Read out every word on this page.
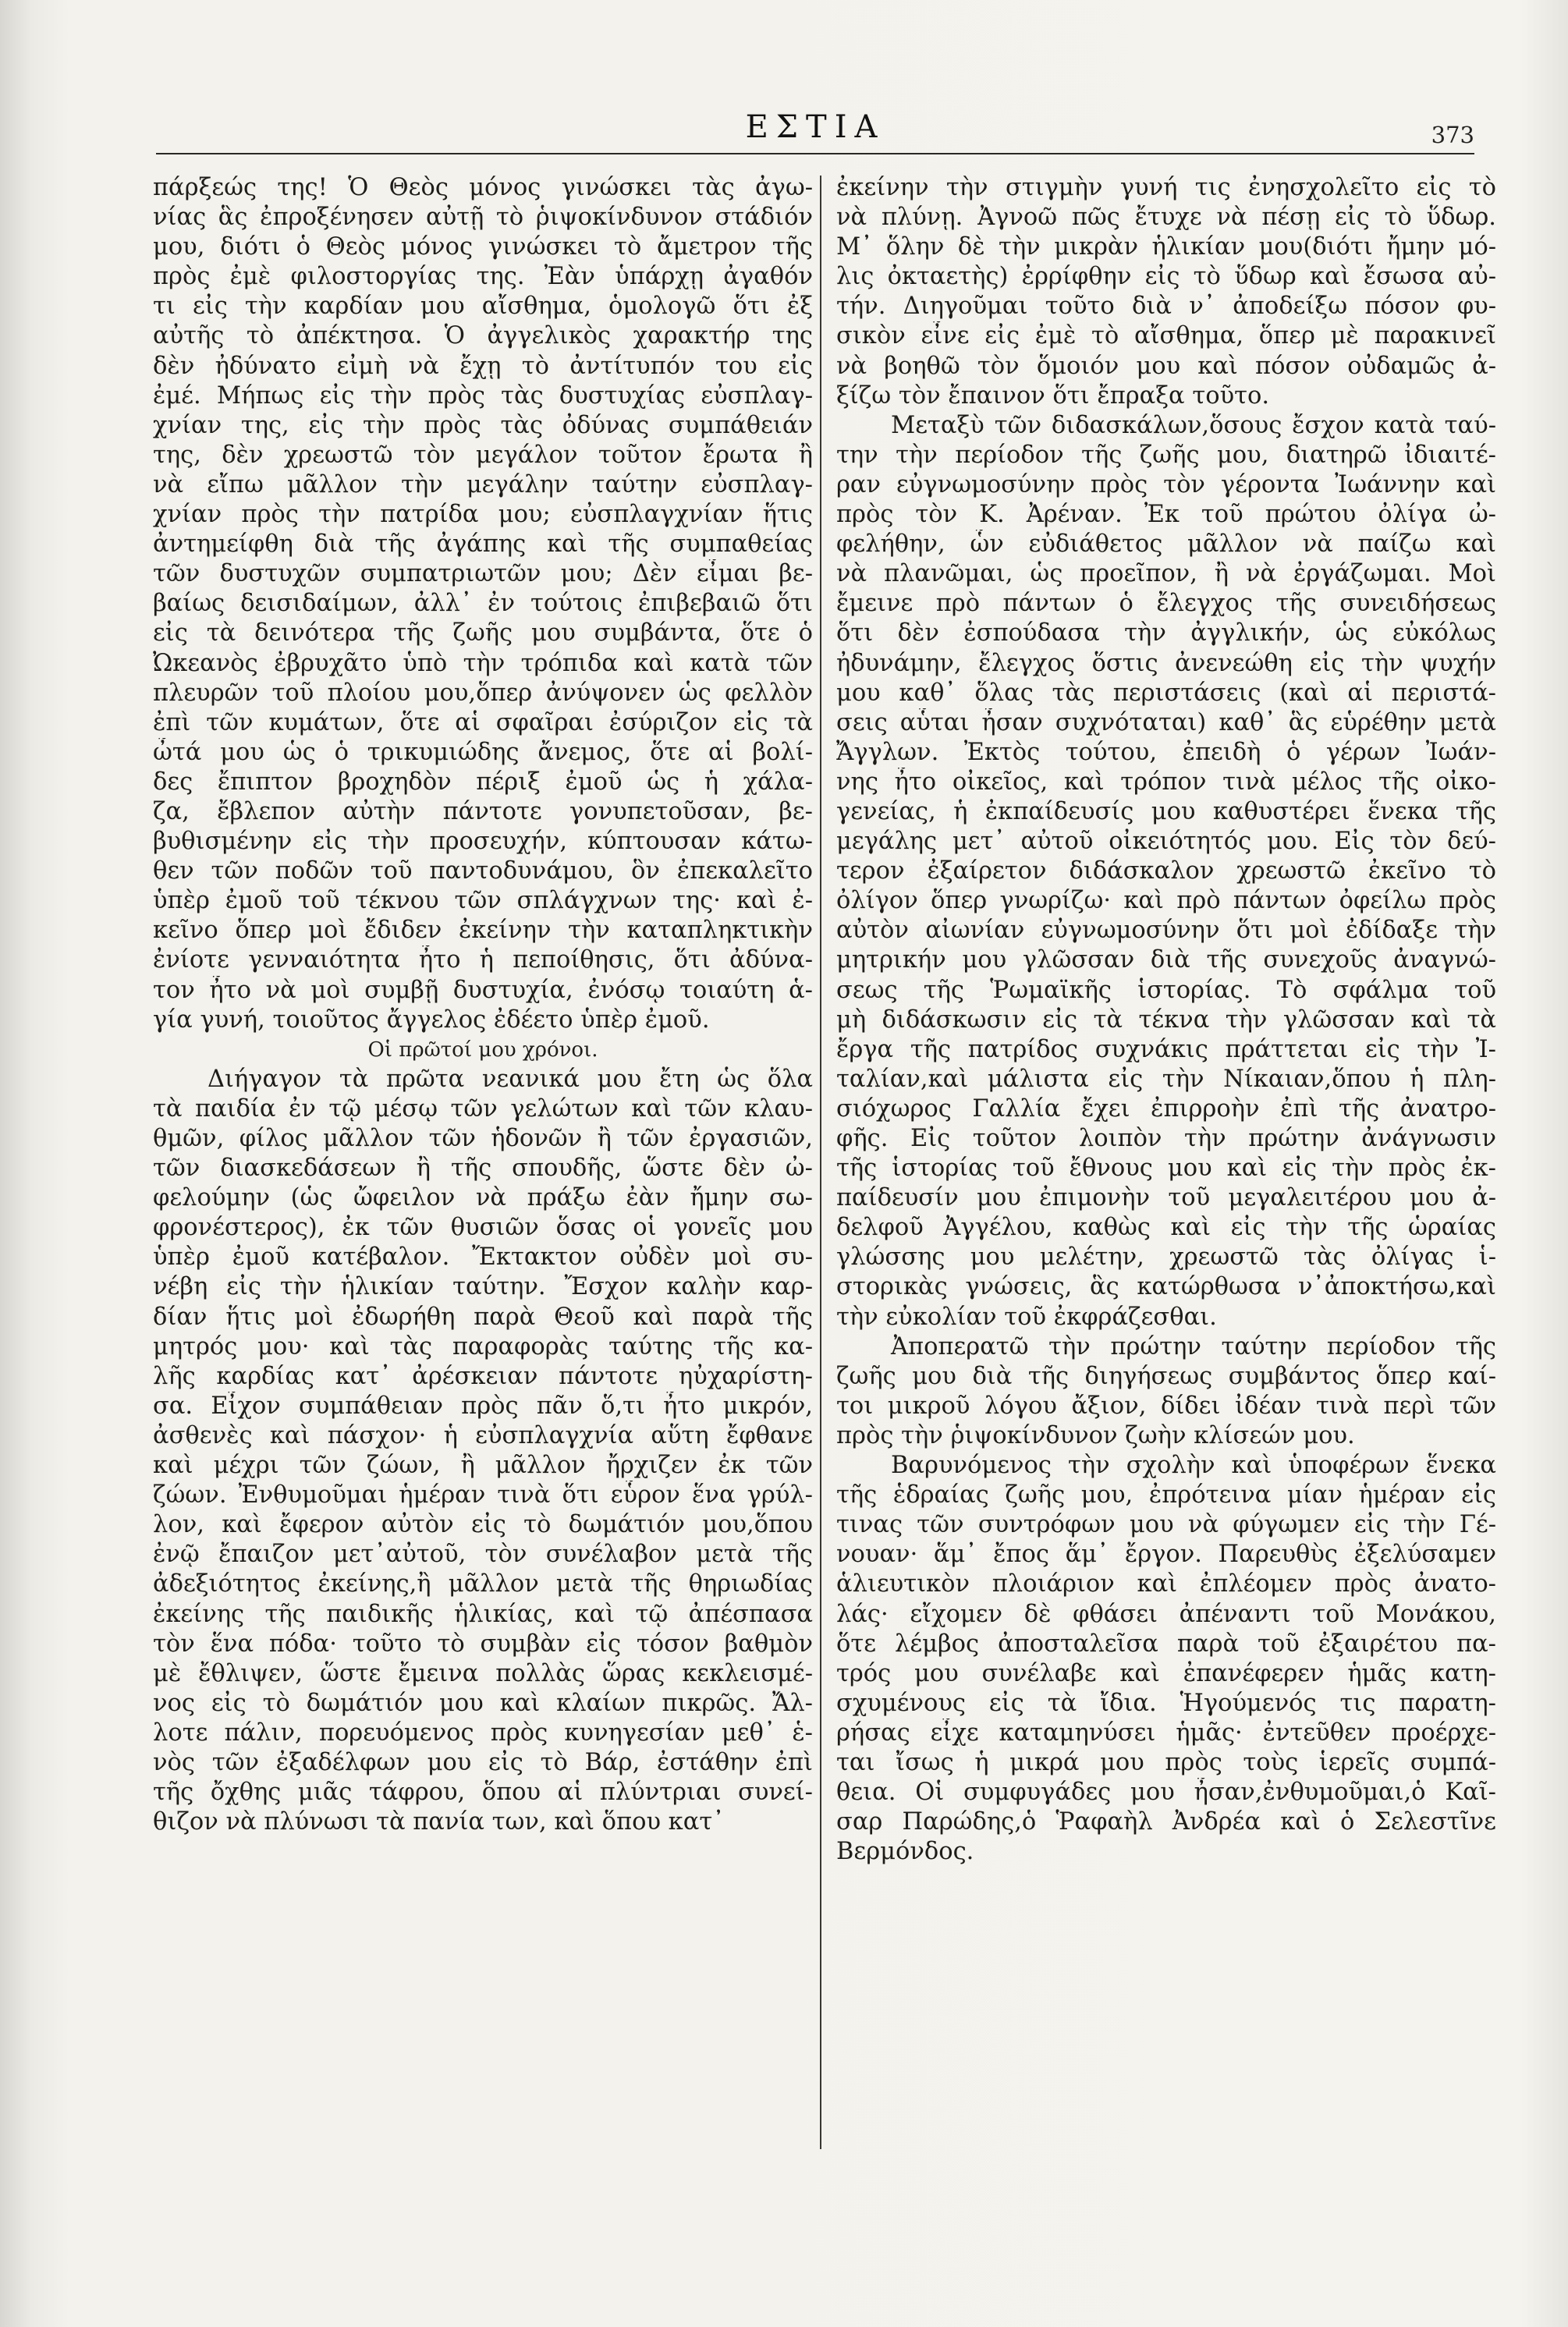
ΕΣΤΙΑ	373
πάρξεώς της! Ὁ Θεὸς μόνος γινώσκει τὰς ἀγω-
νίας ἃς ἐπροξένησεν αὐτῇ τὸ ῥιψοκίνδυνον στάδιόν
μου, διότι ὁ Θεὸς μόνος γινώσκει τὸ ἄμετρον τῆς
πρὸς ἐμὲ φιλοστοργίας της. Ἐὰν ὑπάρχῃ ἀγαθόν
τι εἰς τὴν καρδίαν μου αἴσθημα, ὁμολογῶ ὅτι ἐξ
αὐτῆς τὸ ἀπέκτησα. Ὁ ἀγγελικὸς χαρακτήρ της
δὲν ἠδύνατο εἰμὴ νὰ ἔχῃ τὸ ἀντίτυπόν του εἰς
ἐμέ. Μήπως εἰς τὴν πρὸς τὰς δυστυχίας εὐσπλαγ-
χνίαν της, εἰς τὴν πρὸς τὰς ὀδύνας συμπάθειάν
της, δὲν χρεωστῶ τὸν μεγάλον τοῦτον ἔρωτα ἢ
νὰ εἴπω μᾶλλον τὴν μεγάλην ταύτην εὐσπλαγ-
χνίαν πρὸς τὴν πατρίδα μου; εὐσπλαγχνίαν ἥτις
ἀντημείφθη διὰ τῆς ἀγάπης καὶ τῆς συμπαθείας
τῶν δυστυχῶν συμπατριωτῶν μου; Δὲν εἶμαι βε-
βαίως δεισιδαίμων, ἀλλ᾽ ἐν τούτοις ἐπιβεβαιῶ ὅτι
εἰς τὰ δεινότερα τῆς ζωῆς μου συμβάντα, ὅτε ὁ
Ὠκεανὸς ἐβρυχᾶτο ὑπὸ τὴν τρόπιδα καὶ κατὰ τῶν
πλευρῶν τοῦ πλοίου μου,ὅπερ ἀνύψονεν ὡς φελλὸν
ἐπὶ τῶν κυμάτων, ὅτε αἱ σφαῖραι ἐσύριζον εἰς τὰ
ὦτά μου ὡς ὁ τρικυμιώδης ἄνεμος, ὅτε αἱ βολί-
δες ἔπιπτον βροχηδὸν πέριξ ἐμοῦ ὡς ἡ χάλα-
ζα, ἔβλεπον αὐτὴν πάντοτε γονυπετοῦσαν, βε-
βυθισμένην εἰς τὴν προσευχήν, κύπτουσαν κάτω-
θεν τῶν ποδῶν τοῦ παντοδυνάμου, ὃν ἐπεκαλεῖτο
ὑπὲρ ἐμοῦ τοῦ τέκνου τῶν σπλάγχνων της· καὶ ἐ-
κεῖνο ὅπερ μοὶ ἔδιδεν ἐκείνην τὴν καταπληκτικὴν
ἐνίοτε γενναιότητα ἦτο ἡ πεποίθησις, ὅτι ἀδύνα-
τον ἦτο νὰ μοὶ συμβῇ δυστυχία, ἐνόσῳ τοιαύτη ἁ-
γία γυνή, τοιοῦτος ἄγγελος ἐδέετο ὑπὲρ ἐμοῦ.
Οἱ πρῶτοί μου χρόνοι.
Διήγαγον τὰ πρῶτα νεανικά μου ἔτη ὡς ὅλα
τὰ παιδία ἐν τῷ μέσῳ τῶν γελώτων καὶ τῶν κλαυ-
θμῶν, φίλος μᾶλλον τῶν ἡδονῶν ἢ τῶν ἐργασιῶν,
τῶν διασκεδάσεων ἢ τῆς σπουδῆς, ὥστε δὲν ὠ-
φελούμην (ὡς ὤφειλον νὰ πράξω ἐὰν ἤμην σω-
φρονέστερος), ἐκ τῶν θυσιῶν ὅσας οἱ γονεῖς μου
ὑπὲρ ἐμοῦ κατέβαλον. Ἔκτακτον οὐδὲν μοὶ συ-
νέβη εἰς τὴν ἡλικίαν ταύτην. Ἔσχον καλὴν καρ-
δίαν ἥτις μοὶ ἐδωρήθη παρὰ Θεοῦ καὶ παρὰ τῆς
μητρός μου· καὶ τὰς παραφορὰς ταύτης τῆς κα-
λῆς καρδίας κατ᾽ ἀρέσκειαν πάντοτε ηὐχαρίστη-
σα. Εἶχον συμπάθειαν πρὸς πᾶν ὅ,τι ἦτο μικρόν,
ἀσθενὲς καὶ πάσχον· ἡ εὐσπλαγχνία αὕτη ἔφθανε
καὶ μέχρι τῶν ζώων, ἢ μᾶλλον ἤρχιζεν ἐκ τῶν
ζώων. Ἐνθυμοῦμαι ἡμέραν τινὰ ὅτι εὗρον ἕνα γρύλ-
λον, καὶ ἔφερον αὐτὸν εἰς τὸ δωμάτιόν μου,ὅπου
ἐνῷ ἔπαιζον μετ᾽αὐτοῦ, τὸν συνέλαβον μετὰ τῆς
ἀδεξιότητος ἐκείνης,ἢ μᾶλλον μετὰ τῆς θηριωδίας
ἐκείνης τῆς παιδικῆς ἡλικίας, καὶ τῷ ἀπέσπασα
τὸν ἕνα πόδα· τοῦτο τὸ συμβὰν εἰς τόσον βαθμὸν
μὲ ἔθλιψεν, ὥστε ἔμεινα πολλὰς ὥρας κεκλεισμέ-
νος εἰς τὸ δωμάτιόν μου καὶ κλαίων πικρῶς. Ἄλ-
λοτε πάλιν, πορευόμενος πρὸς κυνηγεσίαν μεθ᾽ ἑ-
νὸς τῶν ἐξαδέλφων μου εἰς τὸ Βάρ, ἐστάθην ἐπὶ
τῆς ὄχθης μιᾶς τάφρου, ὅπου αἱ πλύντριαι συνεί-
θιζον νὰ πλύνωσι τὰ πανία των, καὶ ὅπου κατ᾽
ἐκείνην τὴν στιγμὴν γυνή τις ἐνησχολεῖτο εἰς τὸ
νὰ πλύνῃ. Ἀγνοῶ πῶς ἔτυχε νὰ πέσῃ εἰς τὸ ὕδωρ.
Μ᾽ ὅλην δὲ τὴν μικρὰν ἡλικίαν μου(διότι ἤμην μό-
λις ὀκταετὴς) ἐρρίφθην εἰς τὸ ὕδωρ καὶ ἔσωσα αὐ-
τήν. Διηγοῦμαι τοῦτο διὰ ν᾽ ἀποδείξω πόσον φυ-
σικὸν εἶνε εἰς ἐμὲ τὸ αἴσθημα, ὅπερ μὲ παρακινεῖ
νὰ βοηθῶ τὸν ὅμοιόν μου καὶ πόσον οὐδαμῶς ἀ-
ξίζω τὸν ἔπαινον ὅτι ἔπραξα τοῦτο.
Μεταξὺ τῶν διδασκάλων,ὅσους ἔσχον κατὰ ταύ-
την τὴν περίοδον τῆς ζωῆς μου, διατηρῶ ἰδιαιτέ-
ραν εὐγνωμοσύνην πρὸς τὸν γέροντα Ἰωάννην καὶ
πρὸς τὸν Κ. Ἀρέναν. Ἐκ τοῦ πρώτου ὀλίγα ὠ-
φελήθην, ὧν εὐδιάθετος μᾶλλον νὰ παίζω καὶ
νὰ πλανῶμαι, ὡς προεῖπον, ἢ νὰ ἐργάζωμαι. Μοὶ
ἔμεινε πρὸ πάντων ὁ ἔλεγχος τῆς συνειδήσεως
ὅτι δὲν ἐσπούδασα τὴν ἀγγλικήν, ὡς εὐκόλως
ἠδυνάμην, ἔλεγχος ὅστις ἀνενεώθη εἰς τὴν ψυχήν
μου καθ᾽ ὅλας τὰς περιστάσεις (καὶ αἱ περιστά-
σεις αὗται ἦσαν συχνόταται) καθ᾽ ἃς εὑρέθην μετὰ
Ἄγγλων. Ἐκτὸς τούτου, ἐπειδὴ ὁ γέρων Ἰωάν-
νης ἦτο οἰκεῖος, καὶ τρόπον τινὰ μέλος τῆς οἰκο-
γενείας, ἡ ἐκπαίδευσίς μου καθυστέρει ἕνεκα τῆς
μεγάλης μετ᾽ αὐτοῦ οἰκειότητός μου. Εἰς τὸν δεύ-
τερον ἐξαίρετον διδάσκαλον χρεωστῶ ἐκεῖνο τὸ
ὀλίγον ὅπερ γνωρίζω· καὶ πρὸ πάντων ὀφείλω πρὸς
αὐτὸν αἰωνίαν εὐγνωμοσύνην ὅτι μοὶ ἐδίδαξε τὴν
μητρικήν μου γλῶσσαν διὰ τῆς συνεχοῦς ἀναγνώ-
σεως τῆς Ῥωμαϊκῆς ἱστορίας. Τὸ σφάλμα τοῦ
μὴ διδάσκωσιν εἰς τὰ τέκνα τὴν γλῶσσαν καὶ τὰ
ἔργα τῆς πατρίδος συχνάκις πράττεται εἰς τὴν Ἰ-
ταλίαν,καὶ μάλιστα εἰς τὴν Νίκαιαν,ὅπου ἡ πλη-
σιόχωρος Γαλλία ἔχει ἐπιρροὴν ἐπὶ τῆς ἀνατρο-
φῆς. Εἰς τοῦτον λοιπὸν τὴν πρώτην ἀνάγνωσιν
τῆς ἱστορίας τοῦ ἔθνους μου καὶ εἰς τὴν πρὸς ἐκ-
παίδευσίν μου ἐπιμονὴν τοῦ μεγαλειτέρου μου ἀ-
δελφοῦ Ἀγγέλου, καθὼς καὶ εἰς τὴν τῆς ὡραίας
γλώσσης μου μελέτην, χρεωστῶ τὰς ὀλίγας ἱ-
στορικὰς γνώσεις, ἃς κατώρθωσα ν᾽ἀποκτήσω,καὶ
τὴν εὐκολίαν τοῦ ἐκφράζεσθαι.
Ἀποπερατῶ τὴν πρώτην ταύτην περίοδον τῆς
ζωῆς μου διὰ τῆς διηγήσεως συμβάντος ὅπερ καί-
τοι μικροῦ λόγου ἄξιον, δίδει ἰδέαν τινὰ περὶ τῶν
πρὸς τὴν ῥιψοκίνδυνον ζωὴν κλίσεών μου.
Βαρυνόμενος τὴν σχολὴν καὶ ὑποφέρων ἕνεκα
τῆς ἑδραίας ζωῆς μου, ἐπρότεινα μίαν ἡμέραν εἰς
τινας τῶν συντρόφων μου νὰ φύγωμεν εἰς τὴν Γέ-
νουαν· ἅμ᾽ ἔπος ἅμ᾽ ἔργον. Παρευθὺς ἐξελύσαμεν
ἁλιευτικὸν πλοιάριον καὶ ἐπλέομεν πρὸς ἀνατο-
λάς· εἴχομεν δὲ φθάσει ἀπέναντι τοῦ Μονάκου,
ὅτε λέμβος ἀποσταλεῖσα παρὰ τοῦ ἐξαιρέτου πα-
τρός μου συνέλαβε καὶ ἐπανέφερεν ἡμᾶς κατη-
σχυμένους εἰς τὰ ἴδια. Ἡγούμενός τις παρατη-
ρήσας εἶχε καταμηνύσει ἡμᾶς· ἐντεῦθεν προέρχε-
ται ἴσως ἡ μικρά μου πρὸς τοὺς ἱερεῖς συμπά-
θεια. Οἱ συμφυγάδες μου ἦσαν,ἐνθυμοῦμαι,ὁ Καῖ-
σαρ Παρώδης,ὁ Ῥαφαὴλ Ἀνδρέα καὶ ὁ Σελεστῖνε
Βερμόνδος.
